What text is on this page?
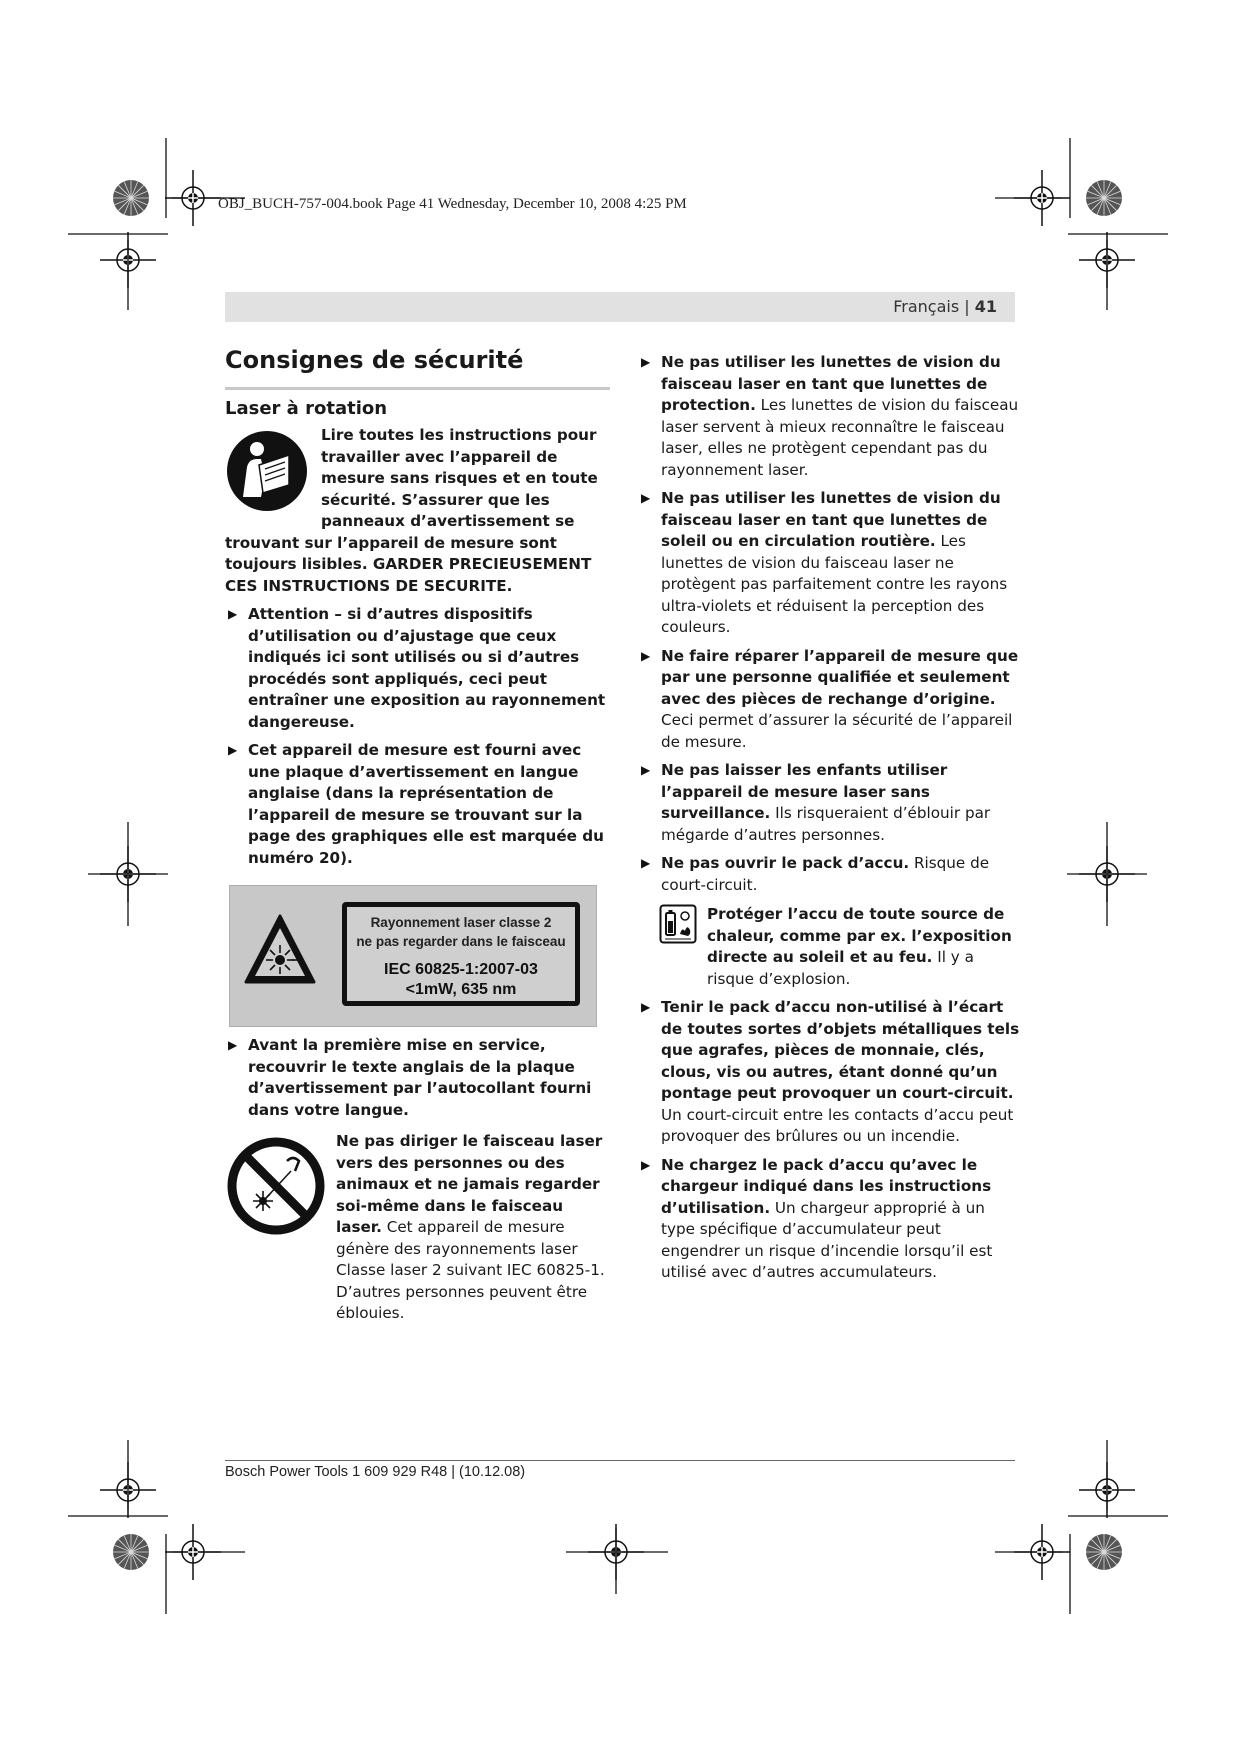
OBJ_BUCH-757-004.book Page 41 Wednesday, December 10, 2008 4:25 PM
Français | 41
Consignes de sécurité
Laser à rotation
Lire toutes les instructions pour travailler avec l’appareil de mesure sans risques et en toute sécurité. S’assurer que les panneaux d’avertissement se trouvant sur l’appareil de mesure sont toujours lisibles. GARDER PRECIEUSEMENT CES INSTRUCTIONS DE SECURITE.
▶ Attention – si d’autres dispositifs d’utilisation ou d’ajustage que ceux indiqués ici sont utilisés ou si d’autres procédés sont appliqués, ceci peut entraîner une exposition au rayonnement dangereuse.
▶ Cet appareil de mesure est fourni avec une plaque d’avertissement en langue anglaise (dans la représentation de l’appareil de mesure se trouvant sur la page des graphiques elle est marquée du numéro 20).
Rayonnement laser classe 2
ne pas regarder dans le faisceau
IEC 60825-1:2007-03
<1mW, 635 nm
▶ Avant la première mise en service, recouvrir le texte anglais de la plaque d’avertissement par l’autocollant fourni dans votre langue.
Ne pas diriger le faisceau laser vers des personnes ou des animaux et ne jamais regarder soi-même dans le faisceau laser. Cet appareil de mesure génère des rayonnements laser Classe laser 2 suivant IEC 60825-1. D’autres personnes peuvent être éblouies.
▶ Ne pas utiliser les lunettes de vision du faisceau laser en tant que lunettes de protection. Les lunettes de vision du faisceau laser servent à mieux reconnaître le faisceau laser, elles ne protègent cependant pas du rayonnement laser.
▶ Ne pas utiliser les lunettes de vision du faisceau laser en tant que lunettes de soleil ou en circulation routière. Les lunettes de vision du faisceau laser ne protègent pas parfaitement contre les rayons ultra-violets et réduisent la perception des couleurs.
▶ Ne faire réparer l’appareil de mesure que par une personne qualifiée et seulement avec des pièces de rechange d’origine. Ceci permet d’assurer la sécurité de l’appareil de mesure.
▶ Ne pas laisser les enfants utiliser l’appareil de mesure laser sans surveillance. Ils risqueraient d’éblouir par mégarde d’autres personnes.
▶ Ne pas ouvrir le pack d’accu. Risque de court-circuit.
Protéger l’accu de toute source de chaleur, comme par ex. l’exposition directe au soleil et au feu. Il y a risque d’explosion.
▶ Tenir le pack d’accu non-utilisé à l’écart de toutes sortes d’objets métalliques tels que agrafes, pièces de monnaie, clés, clous, vis ou autres, étant donné qu’un pontage peut provoquer un court-circuit. Un court-circuit entre les contacts d’accu peut provoquer des brûlures ou un incendie.
▶ Ne chargez le pack d’accu qu’avec le chargeur indiqué dans les instructions d’utilisation. Un chargeur approprié à un type spécifique d’accumulateur peut engendrer un risque d’incendie lorsqu’il est utilisé avec d’autres accumulateurs.
Bosch Power Tools 1 609 929 R48 | (10.12.08)
